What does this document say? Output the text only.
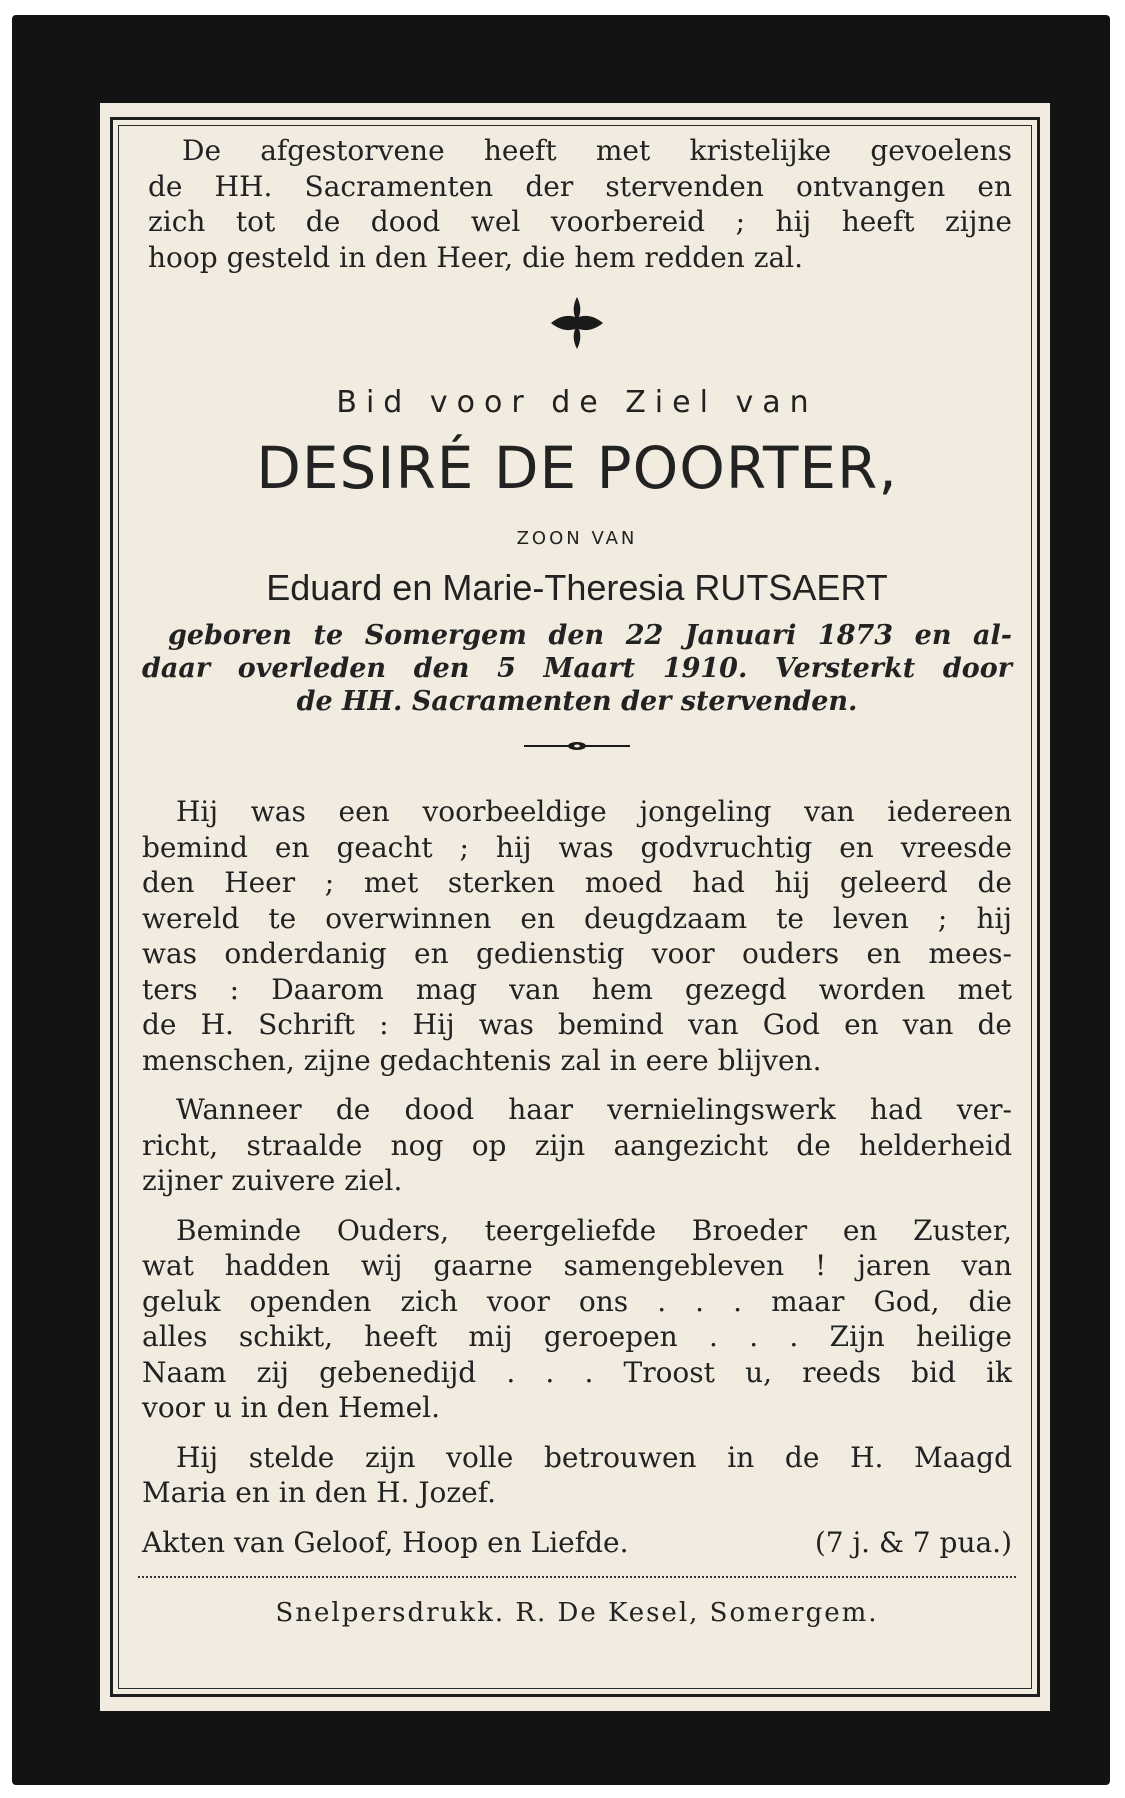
De afgestorvene heeft met kristelijke gevoelens
de HH. Sacramenten der stervenden ontvangen en
zich tot de dood wel voorbereid ; hij heeft zijne
hoop gesteld in den Heer, die hem redden zal.
Bid voor de Ziel van
DESIRÉ DE POORTER,
ZOON VAN
Eduard en Marie-Theresia RUTSAERT
geboren te Somergem den 22 Januari 1873 en al-
daar overleden den 5 Maart 1910. Versterkt door
de HH. Sacramenten der stervenden.
Hij was een voorbeeldige jongeling van iedereen
bemind en geacht ; hij was godvruchtig en vreesde
den Heer ; met sterken moed had hij geleerd de
wereld te overwinnen en deugdzaam te leven ; hij
was onderdanig en gedienstig voor ouders en mees-
ters : Daarom mag van hem gezegd worden met
de H. Schrift : Hij was bemind van God en van de
menschen, zijne gedachtenis zal in eere blijven.
Wanneer de dood haar vernielingswerk had ver-
richt, straalde nog op zijn aangezicht de helderheid
zijner zuivere ziel.
Beminde Ouders, teergeliefde Broeder en Zuster,
wat hadden wij gaarne samengebleven ! jaren van
geluk openden zich voor ons . . . maar God, die
alles schikt, heeft mij geroepen . . . Zijn heilige
Naam zij gebenedijd . . . Troost u, reeds bid ik
voor u in den Hemel.
Hij stelde zijn volle betrouwen in de H. Maagd
Maria en in den H. Jozef.
Akten van Geloof, Hoop en Liefde.	(7 j. & 7 pua.)
Snelpersdrukk. R. De Kesel, Somergem.
